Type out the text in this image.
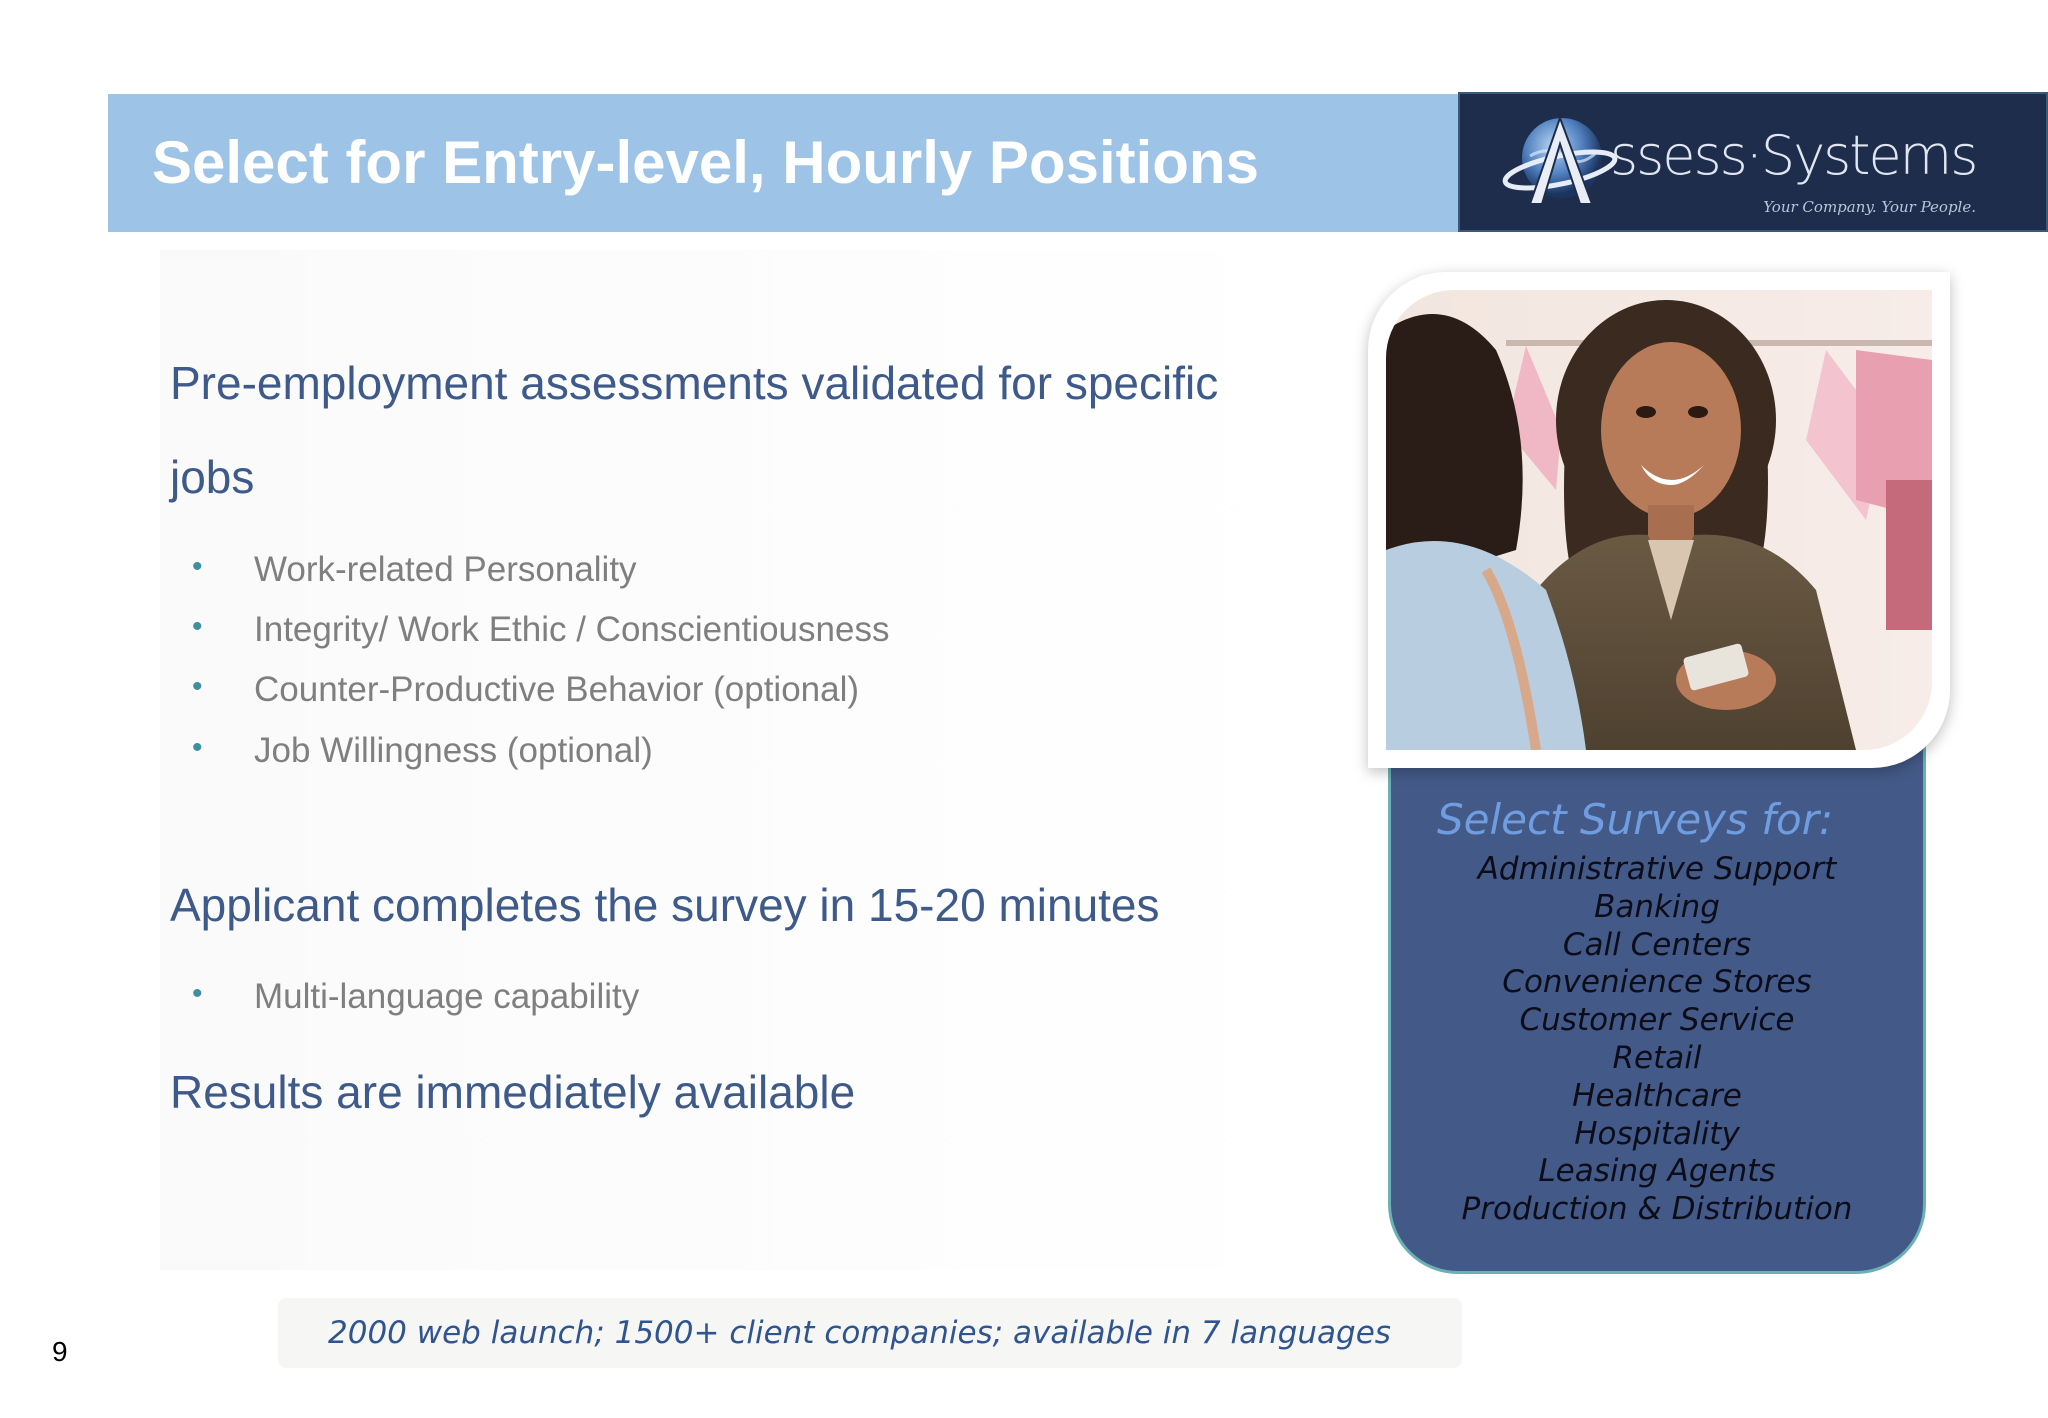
Select for Entry-level, Hourly Positions	ssess·Systems
Your Company. Your People.
Pre-employment assessments validated for specific
jobs
• Work-related Personality
• Integrity/ Work Ethic / Conscientiousness
• Counter-Productive Behavior (optional)
• Job Willingness (optional)
Applicant completes the survey in 15-20 minutes
• Multi-language capability
Results are immediately available
Select Surveys for:
Administrative Support
Banking
Call Centers
Convenience Stores
Customer Service
Retail
Healthcare
Hospitality
Leasing Agents
Production & Distribution
2000 web launch; 1500+ client companies; available in 7 languages
9
